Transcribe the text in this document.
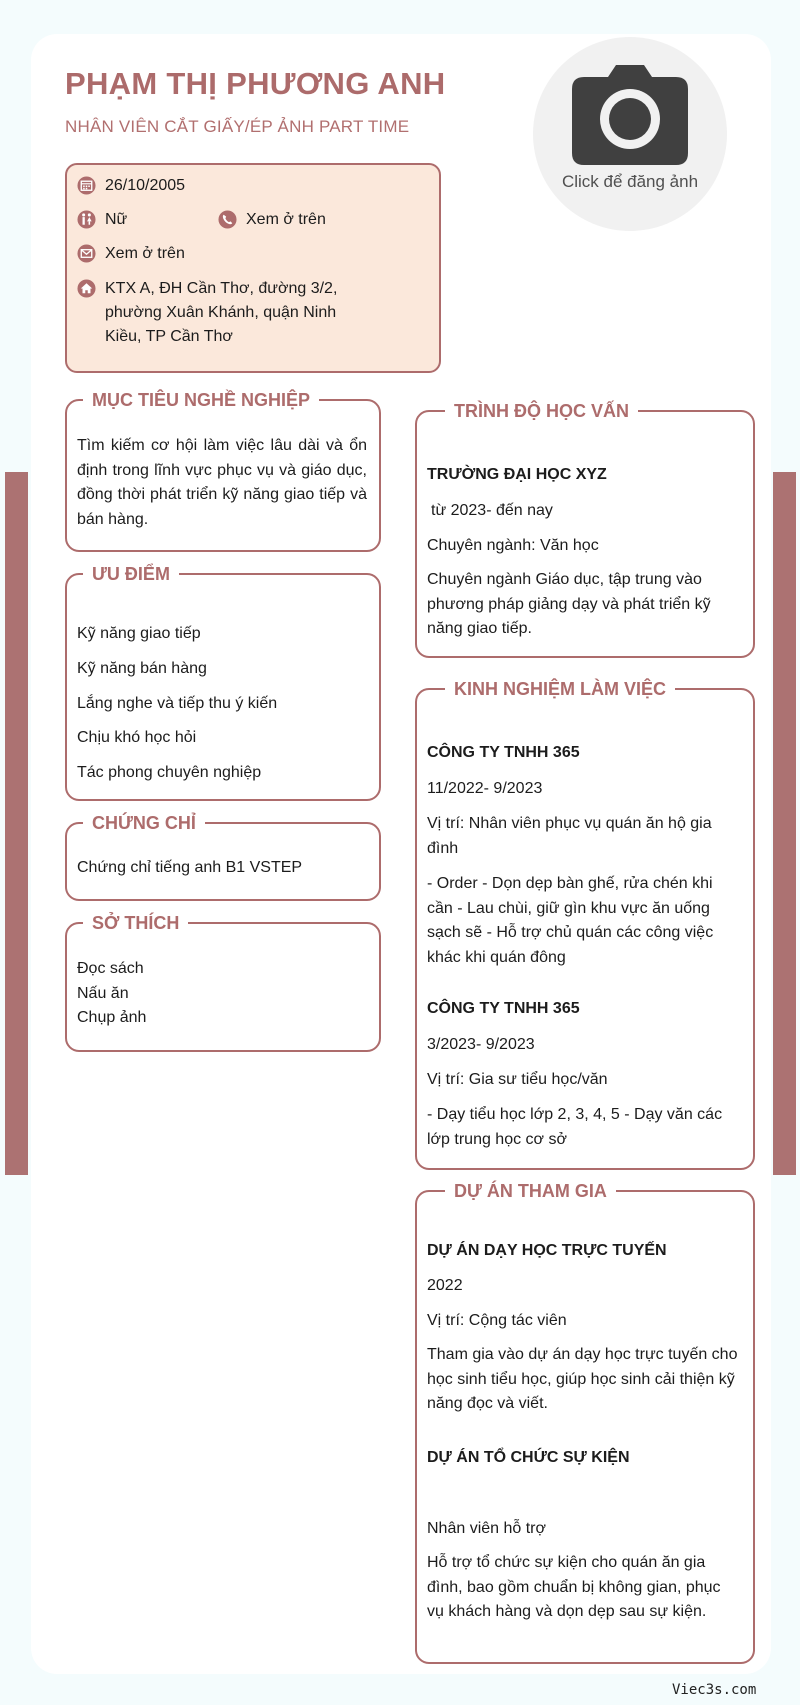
PHẠM THỊ PHƯƠNG ANH
NHÂN VIÊN CẮT GIẤY/ÉP ẢNH PART TIME
Click để đăng ảnh
26/10/2005
Nữ	Xem ở trên
Xem ở trên
KTX A, ĐH Cần Thơ, đường 3/2, phường Xuân Khánh, quận Ninh Kiều, TP Cần Thơ
MỤC TIÊU NGHỀ NGHIỆP

Tìm kiếm cơ hội làm việc lâu dài và ổn định trong lĩnh vực phục vụ và giáo dục, đồng thời phát triển kỹ năng giao tiếp và bán hàng.

ƯU ĐIỂM
Kỹ năng giao tiếp
Kỹ năng bán hàng
Lắng nghe và tiếp thu ý kiến
Chịu khó học hỏi
Tác phong chuyên nghiệp
CHỨNG CHỈ
Chứng chỉ tiếng anh B1 VSTEP
SỞ THÍCH
Đọc sách
Nấu ăn
Chụp ảnh
TRÌNH ĐỘ HỌC VẤN
TRƯỜNG ĐẠI HỌC XYZ
từ 2023- đến nay
Chuyên ngành: Văn học

Chuyên ngành Giáo dục, tập trung vào phương pháp giảng dạy và phát triển kỹ năng giao tiếp.

KINH NGHIỆM LÀM VIỆC
CÔNG TY TNHH 365
11/2022- 9/2023

Vị trí: Nhân viên phục vụ quán ăn hộ gia đình

- Order - Dọn dẹp bàn ghế, rửa chén khi cần - Lau chùi, giữ gìn khu vực ăn uống sạch sẽ - Hỗ trợ chủ quán các công việc khác khi quán đông

CÔNG TY TNHH 365
3/2023- 9/2023
Vị trí: Gia sư tiểu học/văn

- Dạy tiểu học lớp 2, 3, 4, 5 - Dạy văn các lớp trung học cơ sở

DỰ ÁN THAM GIA
DỰ ÁN DẠY HỌC TRỰC TUYẾN
2022
Vị trí: Cộng tác viên

Tham gia vào dự án dạy học trực tuyến cho học sinh tiểu học, giúp học sinh cải thiện kỹ năng đọc và viết.

DỰ ÁN TỔ CHỨC SỰ KIỆN
Nhân viên hỗ trợ

Hỗ trợ tổ chức sự kiện cho quán ăn gia đình, bao gồm chuẩn bị không gian, phục vụ khách hàng và dọn dẹp sau sự kiện.

Viec3s.com
